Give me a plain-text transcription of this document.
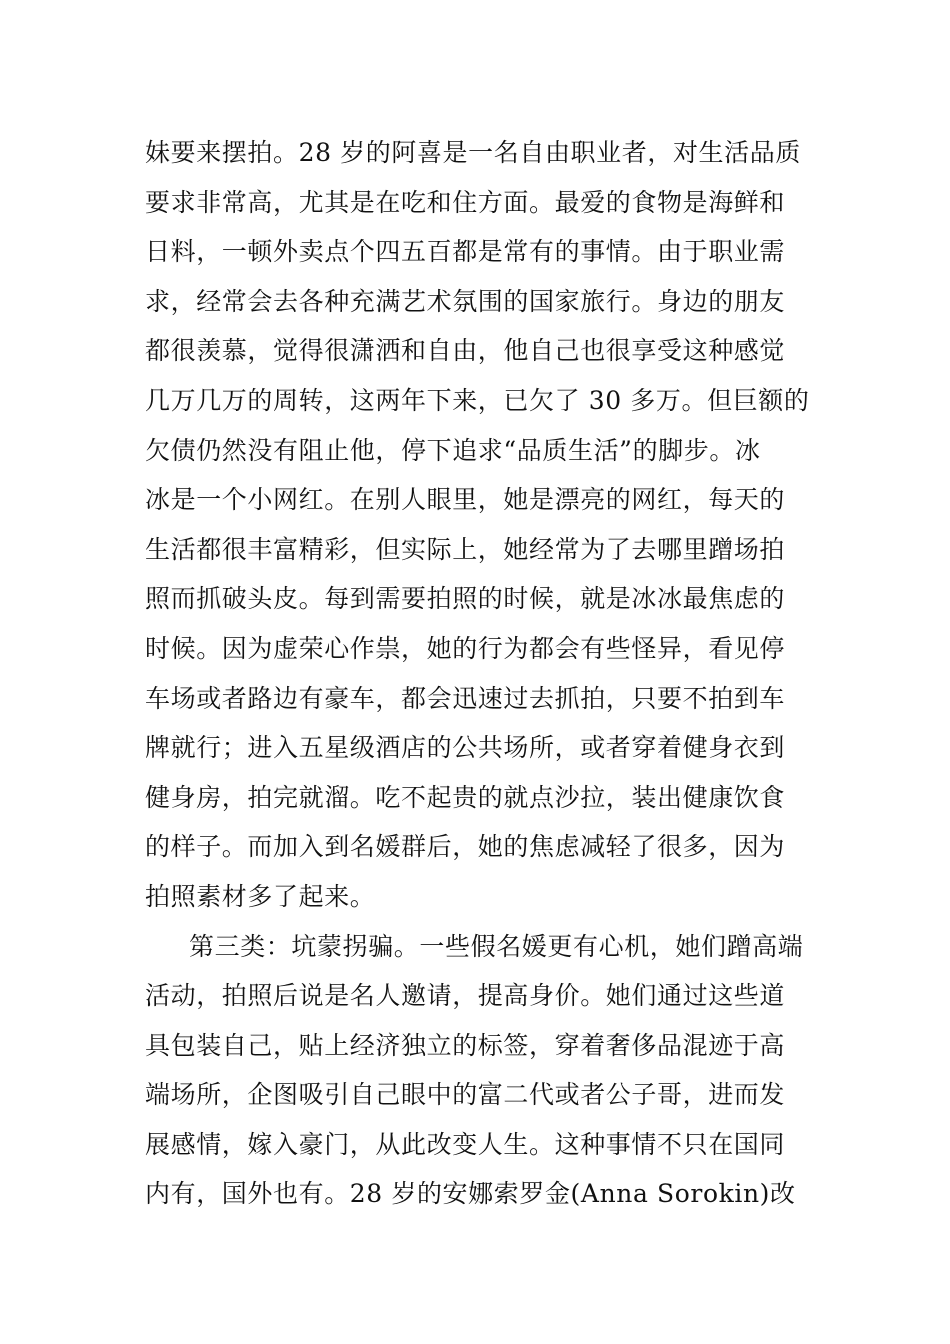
妹要来摆拍。28 岁的阿喜是一名自由职业者，对生活品质
要求非常高，尤其是在吃和住方面。最爱的食物是海鲜和
日料，一顿外卖点个四五百都是常有的事情。由于职业需
求，经常会去各种充满艺术氛围的国家旅行。身边的朋友
都很羡慕，觉得很潇洒和自由，他自己也很享受这种感觉
几万几万的周转，这两年下来，已欠了 30 多万。但巨额的
欠债仍然没有阻止他，停下追求“品质生活”的脚步。冰
冰是一个小网红。在别人眼里，她是漂亮的网红，每天的
生活都很丰富精彩，但实际上，她经常为了去哪里蹭场拍
照而抓破头皮。每到需要拍照的时候，就是冰冰最焦虑的
时候。因为虚荣心作祟，她的行为都会有些怪异，看见停
车场或者路边有豪车，都会迅速过去抓拍，只要不拍到车
牌就行；进入五星级酒店的公共场所，或者穿着健身衣到
健身房，拍完就溜。吃不起贵的就点沙拉，装出健康饮食
的样子。而加入到名媛群后，她的焦虑减轻了很多，因为
拍照素材多了起来。
第三类：坑蒙拐骗。一些假名媛更有心机，她们蹭高端
活动，拍照后说是名人邀请，提高身价。她们通过这些道
具包装自己，贴上经济独立的标签，穿着奢侈品混迹于高
端场所，企图吸引自己眼中的富二代或者公子哥，进而发
展感情，嫁入豪门，从此改变人生。这种事情不只在国同
内有，国外也有。28 岁的安娜索罗金(Anna Sorokin)改
